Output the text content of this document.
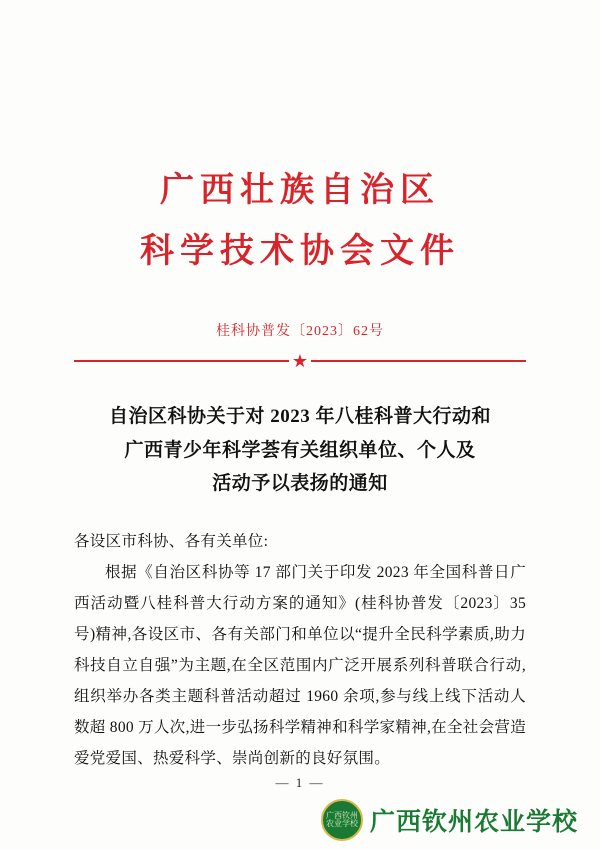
广西壮族自治区
科学技术协会文件
桂科协普发〔2023〕62号
★
自治区科协关于对 2023 年八桂科普大行动和
广西青少年科学荟有关组织单位、个人及
活动予以表扬的通知
各设区市科协、各有关单位:
根据《自治区科协等 17 部门关于印发 2023 年全国科普日广西活动暨八桂科普大行动方案的通知》(桂科协普发〔2023〕35 号)精神,各设区市、各有关部门和单位以“提升全民科学素质,助力科技自立自强”为主题,在全区范围内广泛开展系列科普联合行动,组织举办各类主题科普活动超过 1960 余项,参与线上线下活动人数超 800 万人次,进一步弘扬科学精神和科学家精神,在全社会营造爱党爱国、热爱科学、崇尚创新的良好氛围。
— 1 —
广西钦州农业学校 广西钦州农业学校
